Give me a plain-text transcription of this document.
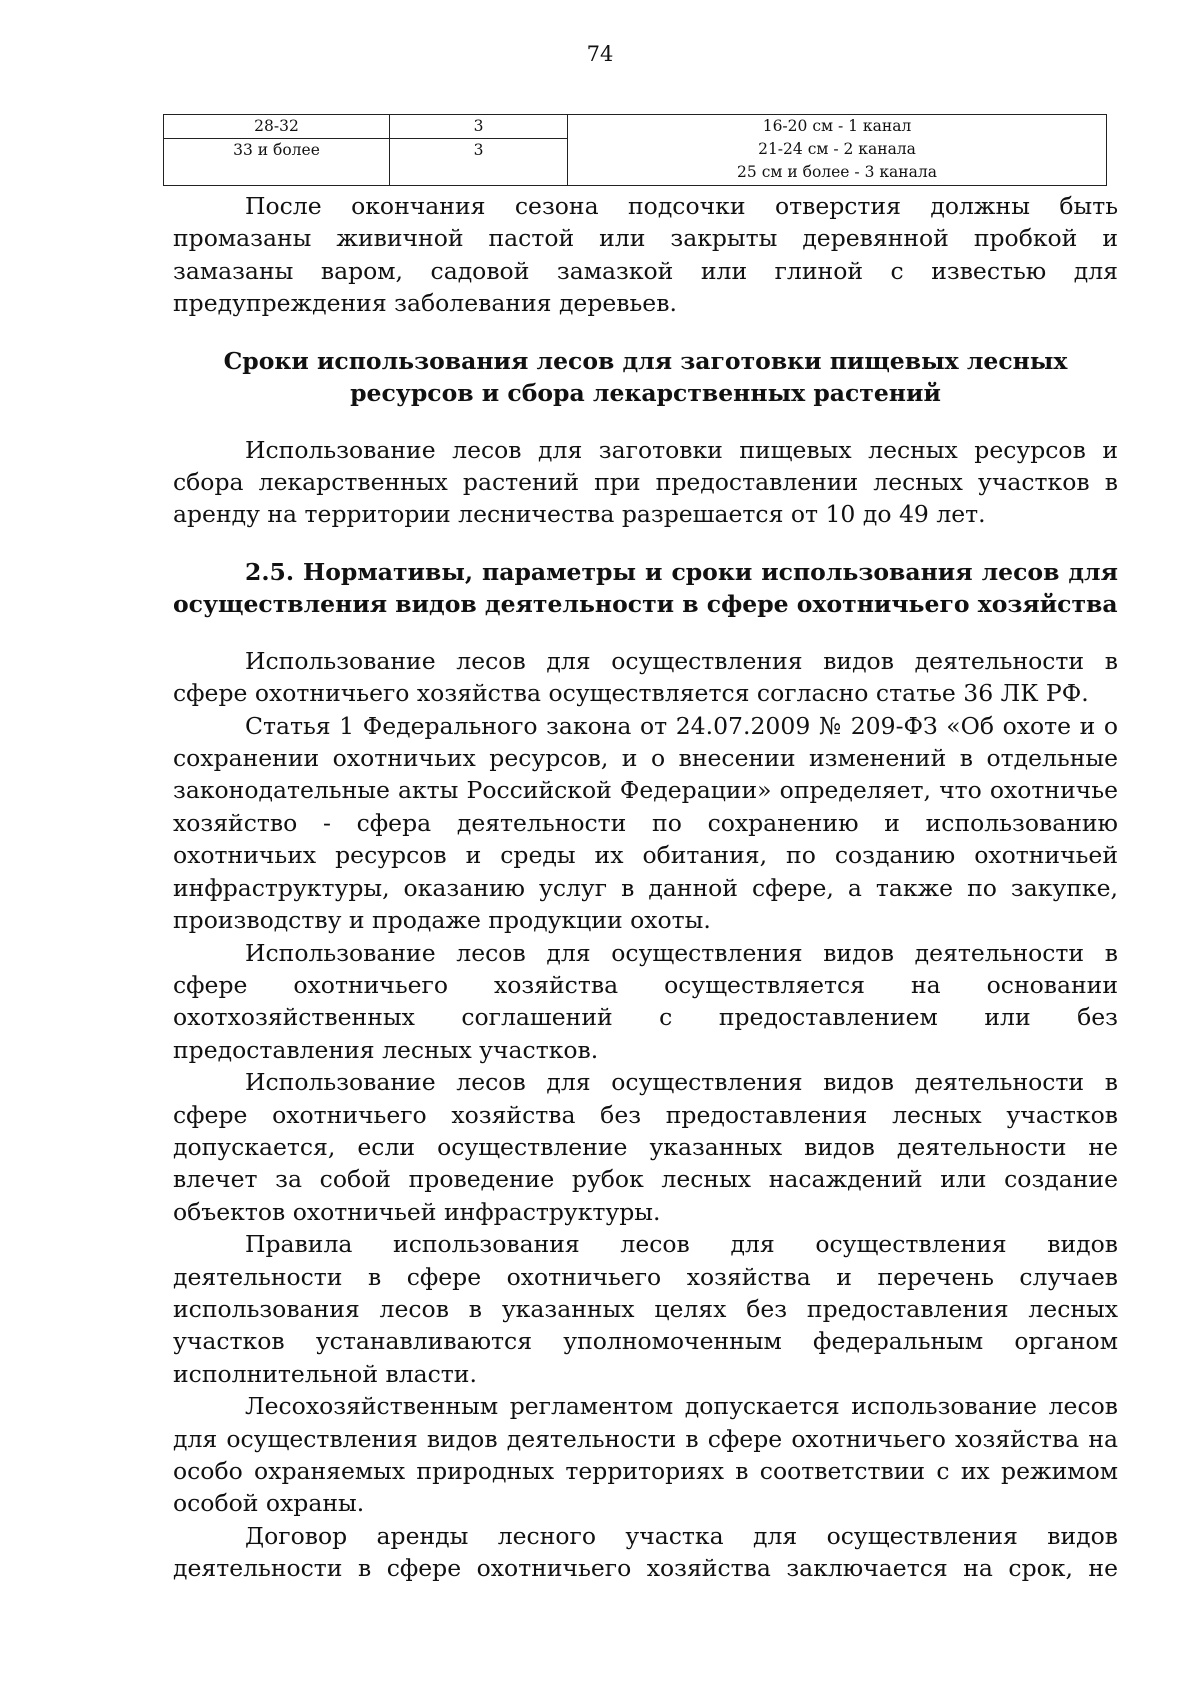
74
28-32	3	16-20 см - 1 канал
21-24 см - 2 канала
25 см и более - 3 канала

33 и более	3	

После окончания сезона подсочки отверстия должны быть промазаны живичной пастой или закрыты деревянной пробкой и замазаны варом, садовой замазкой или глиной с известью для предупреждения заболевания деревьев.

Сроки использования лесов для заготовки пищевых лесных ресурсов и сбора лекарственных растений

Использование лесов для заготовки пищевых лесных ресурсов и сбора лекарственных растений при предоставлении лесных участков в аренду на территории лесничества разрешается от 10 до 49 лет.

2.5. Нормативы, параметры и сроки использования лесов для осуществления видов деятельности в сфере охотничьего хозяйства

Использование лесов для осуществления видов деятельности в сфере охотничьего хозяйства осуществляется согласно статье 36 ЛК РФ.

Статья 1 Федерального закона от 24.07.2009 № 209-ФЗ «Об охоте и о сохранении охотничьих ресурсов, и о внесении изменений в отдельные законодательные акты Российской Федерации» определяет, что охотничье хозяйство - сфера деятельности по сохранению и использованию охотничьих ресурсов и среды их обитания, по созданию охотничьей инфраструктуры, оказанию услуг в данной сфере, а также по закупке, производству и продаже продукции охоты.

Использование лесов для осуществления видов деятельности в сфере охотничьего хозяйства осуществляется на основании охотхозяйственных соглашений с предоставлением или без предоставления лесных участков.

Использование лесов для осуществления видов деятельности в сфере охотничьего хозяйства без предоставления лесных участков допускается, если осуществление указанных видов деятельности не влечет за собой проведение рубок лесных насаждений или создание объектов охотничьей инфраструктуры.

Правила использования лесов для осуществления видов деятельности в сфере охотничьего хозяйства и перечень случаев использования лесов в указанных целях без предоставления лесных участков устанавливаются уполномоченным федеральным органом исполнительной власти.

Лесохозяйственным регламентом допускается использование лесов для осуществления видов деятельности в сфере охотничьего хозяйства на особо охраняемых природных территориях в соответствии с их режимом особой охраны.

Договор аренды лесного участка для осуществления видов деятельности в сфере охотничьего хозяйства заключается на срок, не
